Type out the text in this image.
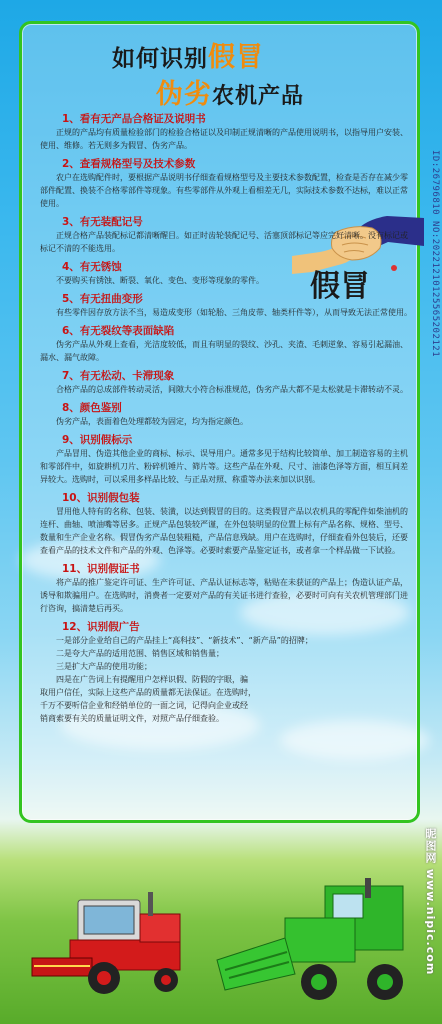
如何识别假冒
伪劣农机产品
假冒
1、看有无产品合格证及说明书
正规的产品均有质量检验部门的检验合格证以及印制正规清晰的产品使用说明书，以指导用户安装、使用、维修。若无则多为假冒、伪劣产品。
2、查看规格型号及技术参数
农户在选购配件时，要根据产品说明书仔细查看规格型号及主要技术参数配置，检查是否存在减少零部件配置、换装不合格零部件等现象。有些零部件从外观上看相差无几，实际技术参数不达标，难以正常使用。
3、有无装配记号
正规合格产品装配标记都清晰醒目。如正时齿轮装配记号、活塞顶部标记等应完好清晰。没有标记或标记不清的不能选用。
4、有无锈蚀
不要购买有锈蚀、断裂、氧化、变色、变形等现象的零件。
5、有无扭曲变形
有些零件因存放方法不当，易造成变形（如轮胎、三角皮带、轴类杆件等），从而导致无法正常使用。
6、有无裂纹等表面缺陷
伪劣产品从外观上查看，光洁度较低，而且有明显的裂纹、沙孔、夹渣、毛刺逆象、容易引起漏油、漏水、漏气故障。
7、有无松动、卡滞现象
合格产品的总成部件转动灵活，间隙大小符合标准规范，伪劣产品大都不是太松就是卡滞转动不灵。
8、颜色鉴别
伪劣产品，表面着色处理都较为固定，均为指定颜色。
9、识别假标示
产品冒用、伪造其他企业的商标、标示、误导用户。通常多见于结构比较简单、加工制造容易的主机和零部件中，如旋耕机刀片、粉碎机锤片、筛片等。这些产品在外观、尺寸、油漆色泽等方面，相互间差异较大。选购时，可以采用多样品比较、与正品对照、称重等办法来加以识别。
10、识别假包装
冒用他人特有的名称、包装、装潢，以达到假冒的目的。这类假冒产品以农机具的零配件如柴油机的连杆、曲轴、喷油嘴等居多。正规产品包装较严谨，在外包装明显的位置上标有产品名称、规格、型号、数量和生产企业名称。假冒伪劣产品包装粗糙，产品信息残缺。用户在选购时，仔细查看外包装后，还要查看产品的技术文件和产品的外观、色泽等。必要时索要产品鉴定证书，或者拿一个样品做一下试验。
11、识别假证书
将产品的推广鉴定许可证、生产许可证、产品认证标志等，粘贴在未获证的产品上；伪造认证产品，诱导和欺骗用户。在选购时，消费者一定要对产品的有关证书进行查验，必要时可向有关农机管理部门进行咨询，搞清楚后再买。
12、识别假广告
一是部分企业给自己的产品挂上“高科技”、“新技术”、“新产品”的招牌；
二是夸大产品的适用范围、销售区域和销售量；
三是扩大产品的使用功能；
四是在广告词上有提醒用户怎样识假、防假的字眼，骗
取用户信任，实际上这些产品的质量都无法保证。在选购时，
千万不要听信企业和经销单位的一面之词，记得向企业或经
销商索要有关的质量证明文件，对照产品仔细查验。
ID:26796810 NO:20221210125565202121
昵图网 www.nipic.com
